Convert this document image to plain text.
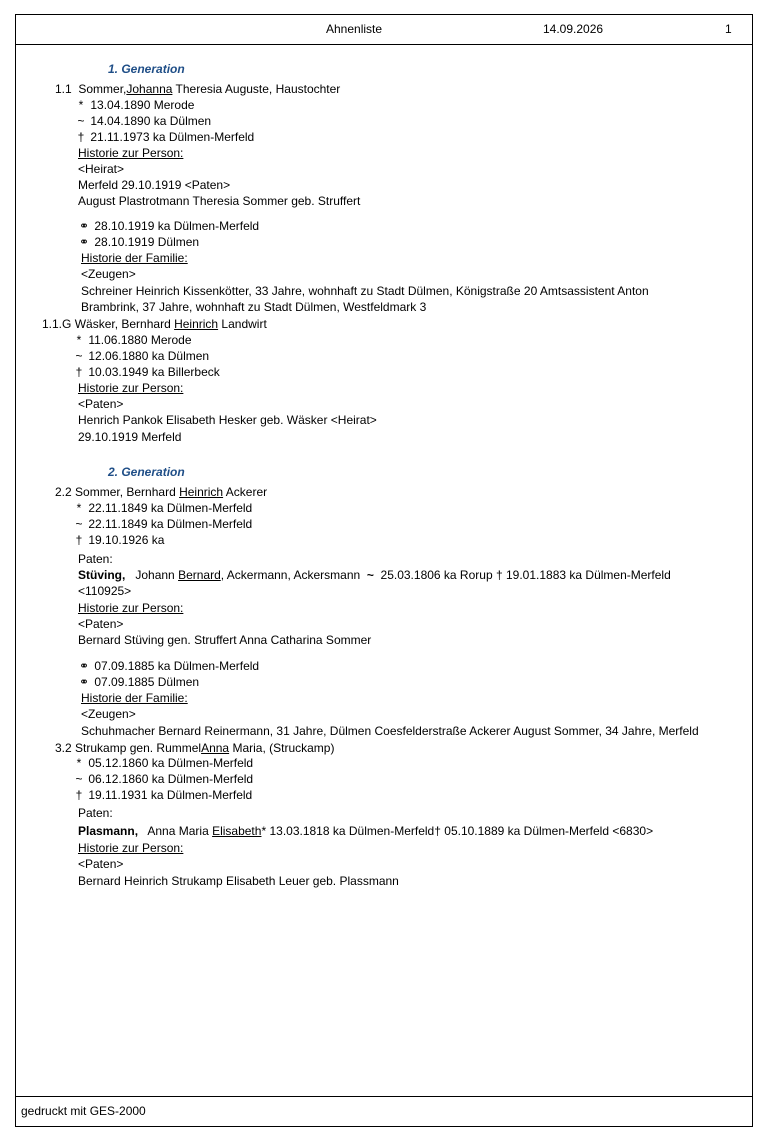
Ahnenliste	14.09.2026	1
1. Generation
1.1 Sommer,Johanna Theresia Auguste, Haustochter
* 13.04.1890 Merode
~ 14.04.1890 ka Dülmen
† 21.11.1973 ka Dülmen-Merfeld
Historie zur Person:
<Heirat>
Merfeld 29.10.1919 <Paten>
August Plastrotmann Theresia Sommer geb. Struffert
⚭ 28.10.1919 ka Dülmen-Merfeld
⚭ 28.10.1919 Dülmen
Historie der Familie:
<Zeugen>
Schreiner Heinrich Kissenkötter, 33 Jahre, wohnhaft zu Stadt Dülmen, Königstraße 20 Amtsassistent Anton
Brambrink, 37 Jahre, wohnhaft zu Stadt Dülmen, Westfeldmark 3
1.1.G Wäsker, Bernhard Heinrich Landwirt
* 11.06.1880 Merode
~ 12.06.1880 ka Dülmen
† 10.03.1949 ka Billerbeck
Historie zur Person:
<Paten>
Henrich Pankok Elisabeth Hesker geb. Wäsker <Heirat>
29.10.1919 Merfeld
2. Generation
2.2 Sommer, Bernhard Heinrich Ackerer
* 22.11.1849 ka Dülmen-Merfeld
~ 22.11.1849 ka Dülmen-Merfeld
† 19.10.1926 ka
Paten:
Stüving, Johann Bernard, Ackermann, Ackersmann ~ 25.03.1806 ka Rorup † 19.01.1883 ka Dülmen-Merfeld
<110925>
Historie zur Person:
<Paten>
Bernard Stüving gen. Struffert Anna Catharina Sommer
⚭ 07.09.1885 ka Dülmen-Merfeld
⚭ 07.09.1885 Dülmen
Historie der Familie:
<Zeugen>
Schuhmacher Bernard Reinermann, 31 Jahre, Dülmen Coesfelderstraße Ackerer August Sommer, 34 Jahre, Merfeld
3.2 Strukamp gen. RummelAnna Maria, (Struckamp)
* 05.12.1860 ka Dülmen-Merfeld
~ 06.12.1860 ka Dülmen-Merfeld
† 19.11.1931 ka Dülmen-Merfeld
Paten:
Plasmann, Anna Maria Elisabeth* 13.03.1818 ka Dülmen-Merfeld† 05.10.1889 ka Dülmen-Merfeld <6830>
Historie zur Person:
<Paten>
Bernard Heinrich Strukamp Elisabeth Leuer geb. Plassmann
gedruckt mit GES-2000
